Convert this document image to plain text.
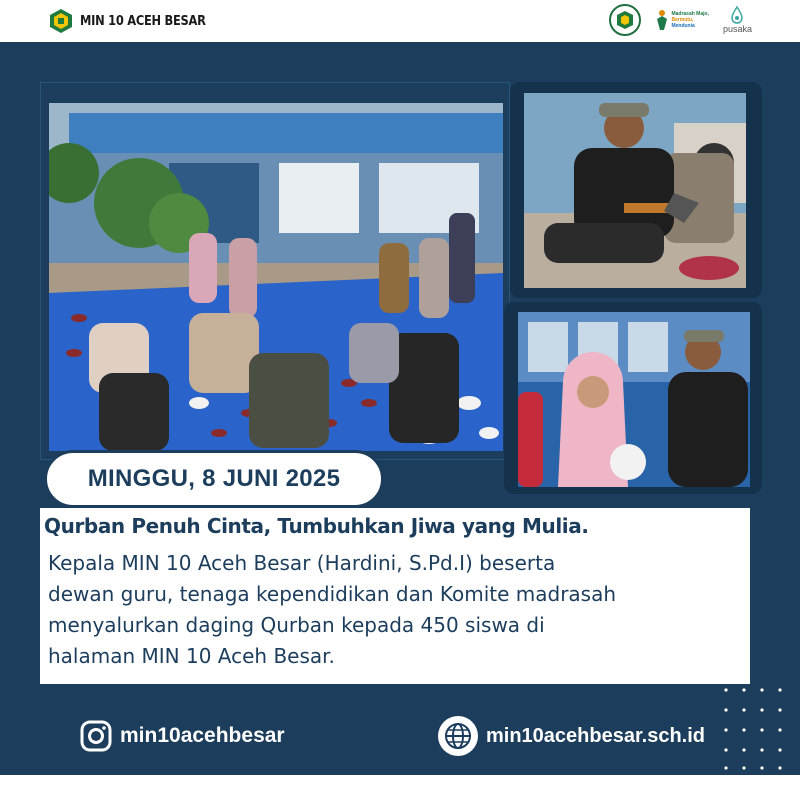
MIN 10 ACEH BESAR	Madrasah Maju,
Bermutu,
Mendunia	pusaka
MINGGU, 8 JUNI 2025
Qurban Penuh Cinta, Tumbuhkan Jiwa yang Mulia.
Kepala MIN 10 Aceh Besar (Hardini, S.Pd.I) beserta
dewan guru, tenaga kependidikan dan Komite madrasah
menyalurkan daging Qurban kepada 450 siswa di
halaman MIN 10 Aceh Besar.
min10acehbesar	min10acehbesar.sch.id
